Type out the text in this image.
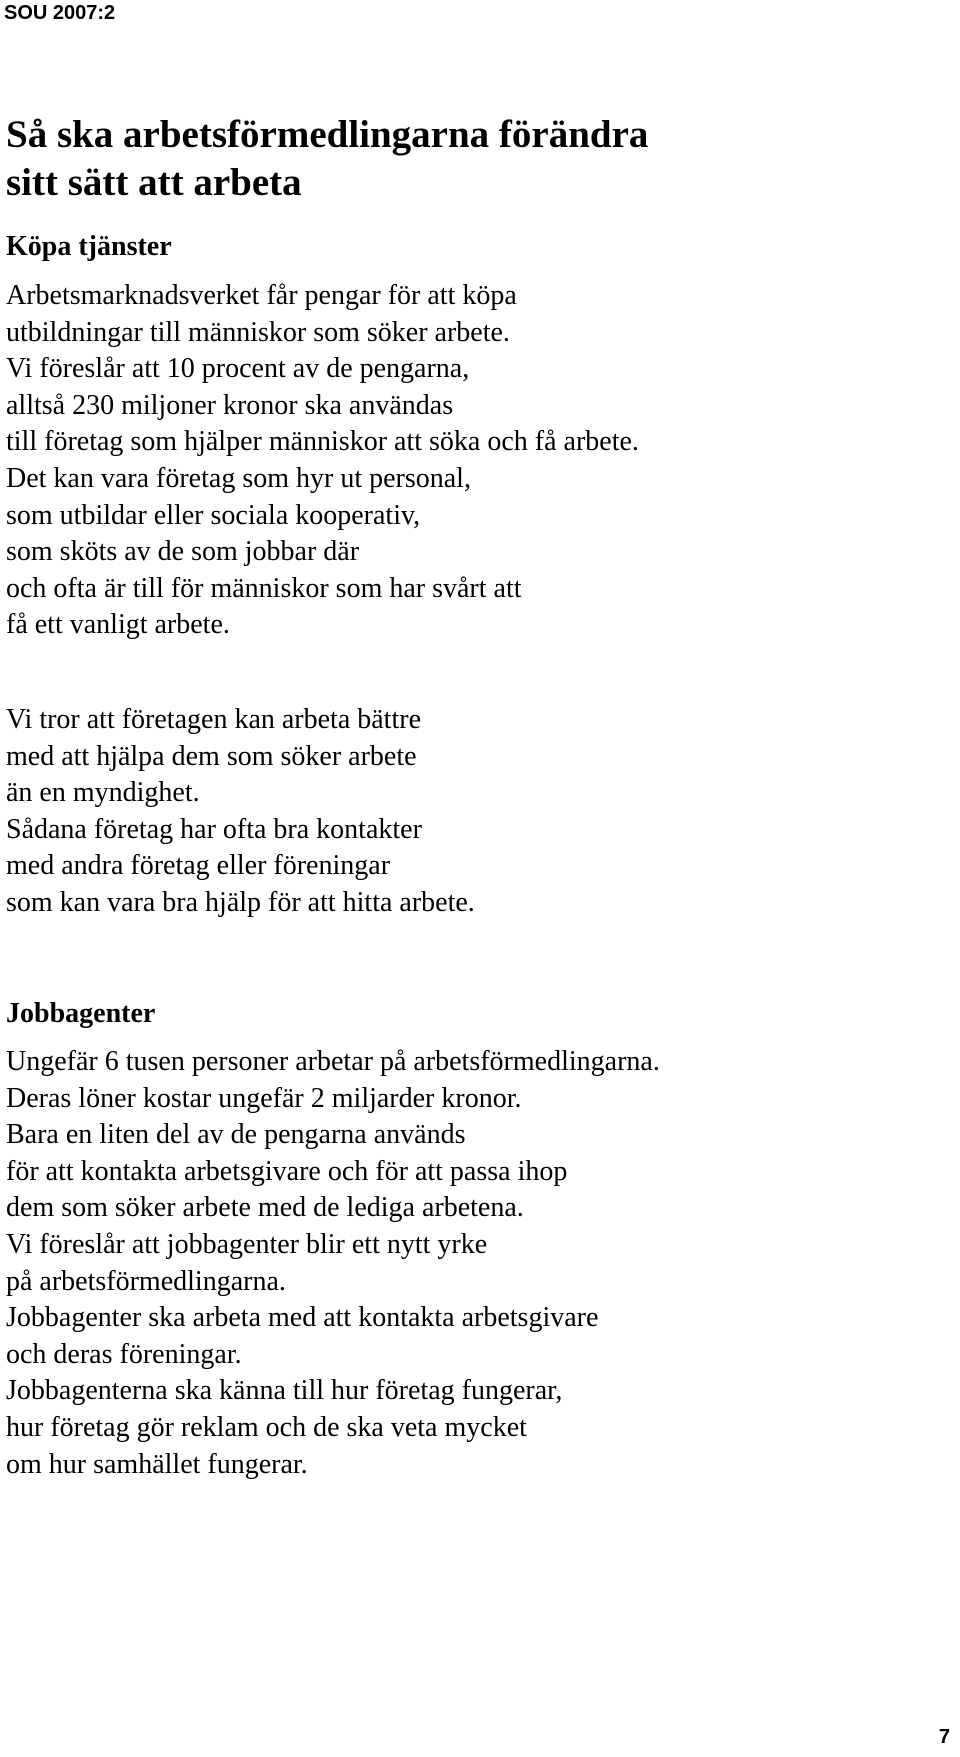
SOU 2007:2
Så ska arbetsförmedlingarna förändra
sitt sätt att arbeta
Köpa tjänster
Arbetsmarknadsverket får pengar för att köpa
utbildningar till människor som söker arbete.
Vi föreslår att 10 procent av de pengarna,
alltså 230 miljoner kronor ska användas
till företag som hjälper människor att söka och få arbete.
Det kan vara företag som hyr ut personal,
som utbildar eller sociala kooperativ,
som sköts av de som jobbar där
och ofta är till för människor som har svårt att
få ett vanligt arbete.
Vi tror att företagen kan arbeta bättre
med att hjälpa dem som söker arbete
än en myndighet.
Sådana företag har ofta bra kontakter
med andra företag eller föreningar
som kan vara bra hjälp för att hitta arbete.
Jobbagenter
Ungefär 6 tusen personer arbetar på arbetsförmedlingarna.
Deras löner kostar ungefär 2 miljarder kronor.
Bara en liten del av de pengarna används
för att kontakta arbetsgivare och för att passa ihop
dem som söker arbete med de lediga arbetena.
Vi föreslår att jobbagenter blir ett nytt yrke
på arbetsförmedlingarna.
Jobbagenter ska arbeta med att kontakta arbetsgivare
och deras föreningar.
Jobbagenterna ska känna till hur företag fungerar,
hur företag gör reklam och de ska veta mycket
om hur samhället fungerar.
7
